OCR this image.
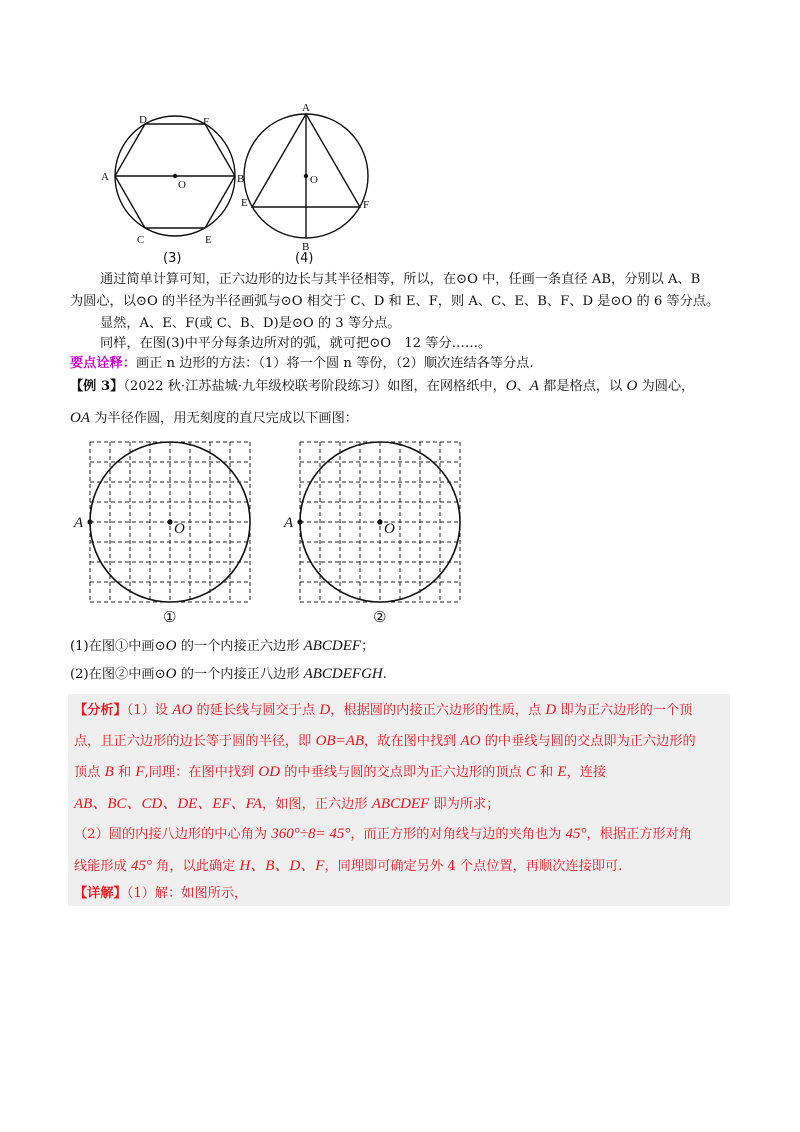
A	B
C
D
E
F
O
(3)
A
B
E	F
O
(4)
通过简单计算可知，正六边形的边长与其半径相等，所以，在⊙O 中，任画一条直径 AB，分别以 A、B
为圆心，以⊙O 的半径为半径画弧与⊙O 相交于 C、D 和 E、F，则 A、C、E、B、F、D 是⊙O 的 6 等分点。
显然，A、E、F(或 C、B、D)是⊙O 的 3 等分点。
同样，在图(3)中平分每条边所对的弧，就可把⊙O　12 等分……。
要点诠释：画正 n 边形的方法：（1）将一个圆 n 等份，（2）顺次连结各等分点.
【例 3】（2022 秋·江苏盐城·九年级校联考阶段练习）如图，在网格纸中，O、A 都是格点，以 O 为圆心，
OA 为半径作圆，用无刻度的直尺完成以下画图：
A	O
①
A	O
②
(1)在图①中画⊙O 的一个内接正六边形 ABCDEF；
(2)在图②中画⊙O 的一个内接正八边形 ABCDEFGH.
【分析】（1）设 AO 的延长线与圆交于点 D，根据圆的内接正六边形的性质，点 D 即为正六边形的一个顶
点，且正六边形的边长等于圆的半径，即 OB=AB，故在图中找到 AO 的中垂线与圆的交点即为正六边形的
顶点 B 和 F,同理：在图中找到 OD 的中垂线与圆的交点即为正六边形的顶点 C 和 E，连接
AB、BC、CD、DE、EF、FA，如图，正六边形 ABCDEF 即为所求；
（2）圆的内接八边形的中心角为 360°÷8= 45°，而正方形的对角线与边的夹角也为 45°，根据正方形对角
线能形成 45° 角，以此确定 H、B、D、F，同理即可确定另外 4 个点位置，再顺次连接即可.
【详解】（1）解：如图所示，
